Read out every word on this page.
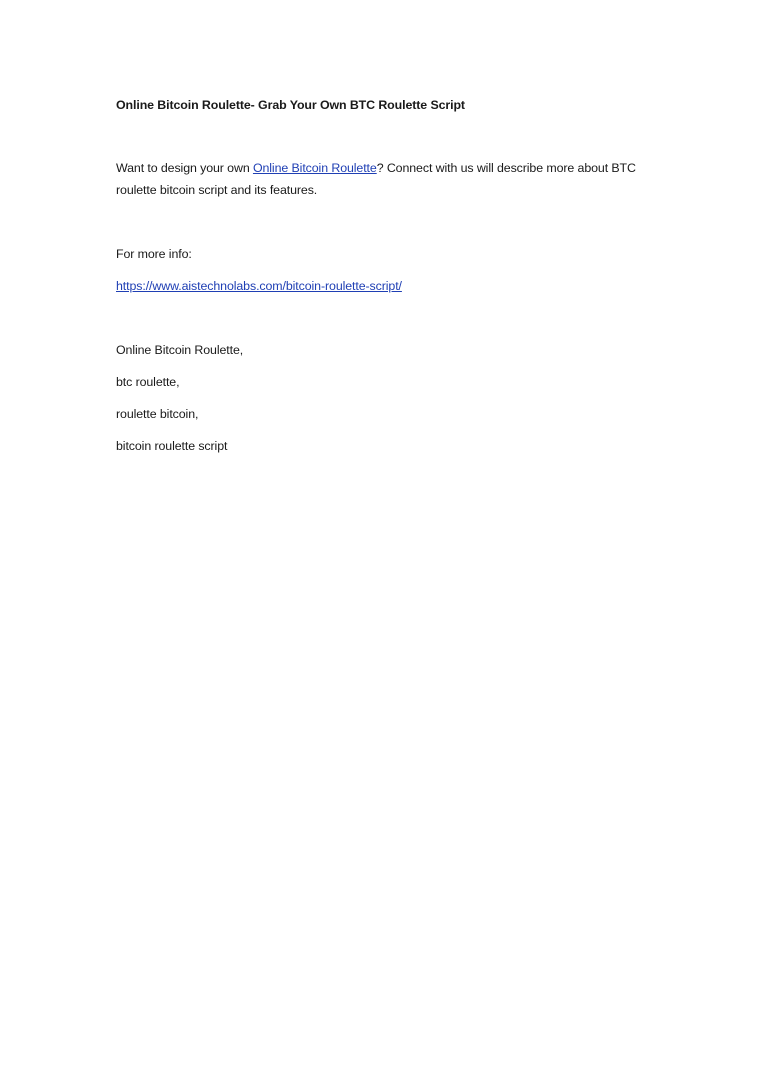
Online Bitcoin Roulette- Grab Your Own BTC Roulette Script
Want to design your own Online Bitcoin Roulette? Connect with us will describe more about BTC
roulette bitcoin script and its features.
For more info:
https://www.aistechnolabs.com/bitcoin-roulette-script/
Online Bitcoin Roulette,
btc roulette,
roulette bitcoin,
bitcoin roulette script
